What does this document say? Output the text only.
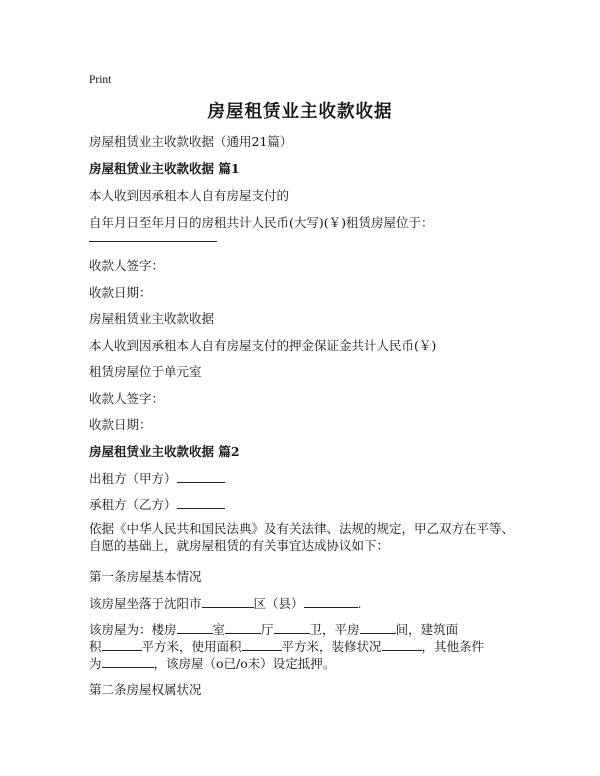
Print
房屋租赁业主收款收据
房屋租赁业主收款收据（通用21篇）
房屋租赁业主收款收据 篇1
本人收到因承租本人自有房屋支付的
自年月日至年月日的房租共计人民币(大写)(￥)租赁房屋位于：
收款人签字：
收款日期：
房屋租赁业主收款收据
本人收到因承租本人自有房屋支付的押金保证金共计人民币(￥)
租赁房屋位于单元室
收款人签字：
收款日期：
房屋租赁业主收款收据 篇2
出租方（甲方）
承租方（乙方）
依据《中华人民共和国民法典》及有关法律、法规的规定，甲乙双方在平等、自愿的基础上，就房屋租赁的有关事宜达成协议如下：
第一条房屋基本情况
该房屋坐落于沈阳市	区（县）	.
该房屋为：楼房	室	厅	卫，平房	间，建筑面
积	平方米，使用面积	平方米，装修状况	，其他条件
为	，该房屋（o已/o未）设定抵押。
第二条房屋权属状况
